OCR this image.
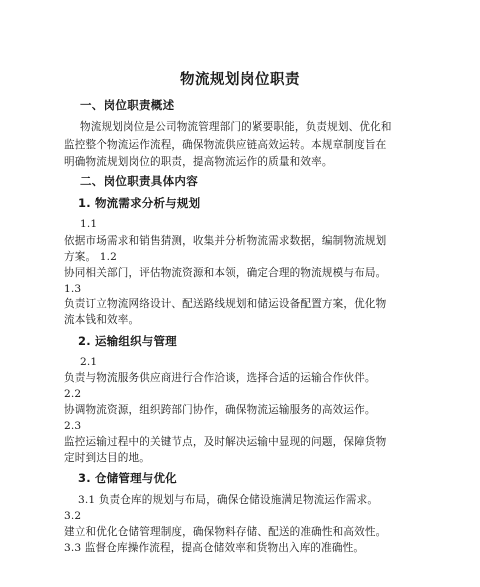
物流规划岗位职责
一、岗位职责概述
物流规划岗位是公司物流管理部门的紧要职能，负责规划、优化和
监控整个物流运作流程，确保物流供应链高效运转。本规章制度旨在
明确物流规划岗位的职责，提高物流运作的质量和效率。
二、岗位职责具体内容
1. 物流需求分析与规划
1.1
依据市场需求和销售猜测，收集并分析物流需求数据，编制物流规划
方案。 1.2
协同相关部门，评估物流资源和本领，确定合理的物流规模与布局。
1.3
负责订立物流网络设计、配送路线规划和储运设备配置方案，优化物
流本钱和效率。
2. 运输组织与管理
2.1
负责与物流服务供应商进行合作洽谈，选择合适的运输合作伙伴。
2.2
协调物流资源，组织跨部门协作，确保物流运输服务的高效运作。
2.3
监控运输过程中的关键节点，及时解决运输中显现的问题，保障货物
定时到达目的地。
3. 仓储管理与优化
3.1 负责仓库的规划与布局，确保仓储设施满足物流运作需求。
3.2
建立和优化仓储管理制度，确保物料存储、配送的准确性和高效性。
3.3 监督仓库操作流程，提高仓储效率和货物出入库的准确性。
